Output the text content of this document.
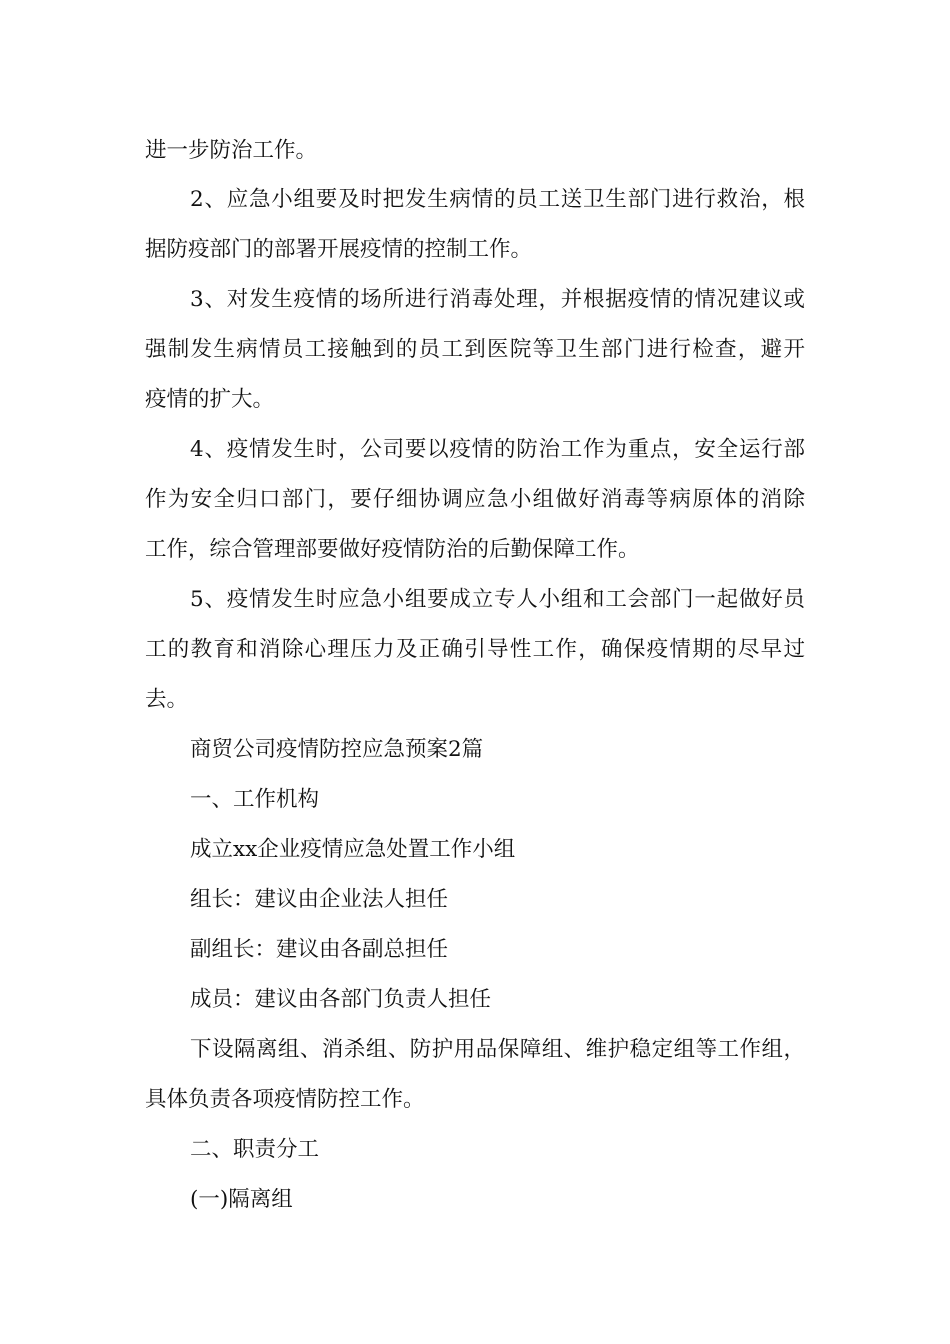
进一步防治工作。
2、应急小组要及时把发生病情的员工送卫生部门进行救治，根
据防疫部门的部署开展疫情的控制工作。
3、对发生疫情的场所进行消毒处理，并根据疫情的情况建议或
强制发生病情员工接触到的员工到医院等卫生部门进行检查，避开
疫情的扩大。
4、疫情发生时，公司要以疫情的防治工作为重点，安全运行部
作为安全归口部门，要仔细协调应急小组做好消毒等病原体的消除
工作，综合管理部要做好疫情防治的后勤保障工作。
5、疫情发生时应急小组要成立专人小组和工会部门一起做好员
工的教育和消除心理压力及正确引导性工作，确保疫情期的尽早过
去。
商贸公司疫情防控应急预案2篇
一、工作机构
成立xx企业疫情应急处置工作小组
组长：建议由企业法人担任
副组长：建议由各副总担任
成员：建议由各部门负责人担任
下设隔离组、消杀组、防护用品保障组、维护稳定组等工作组，
具体负责各项疫情防控工作。
二、职责分工
(一)隔离组
